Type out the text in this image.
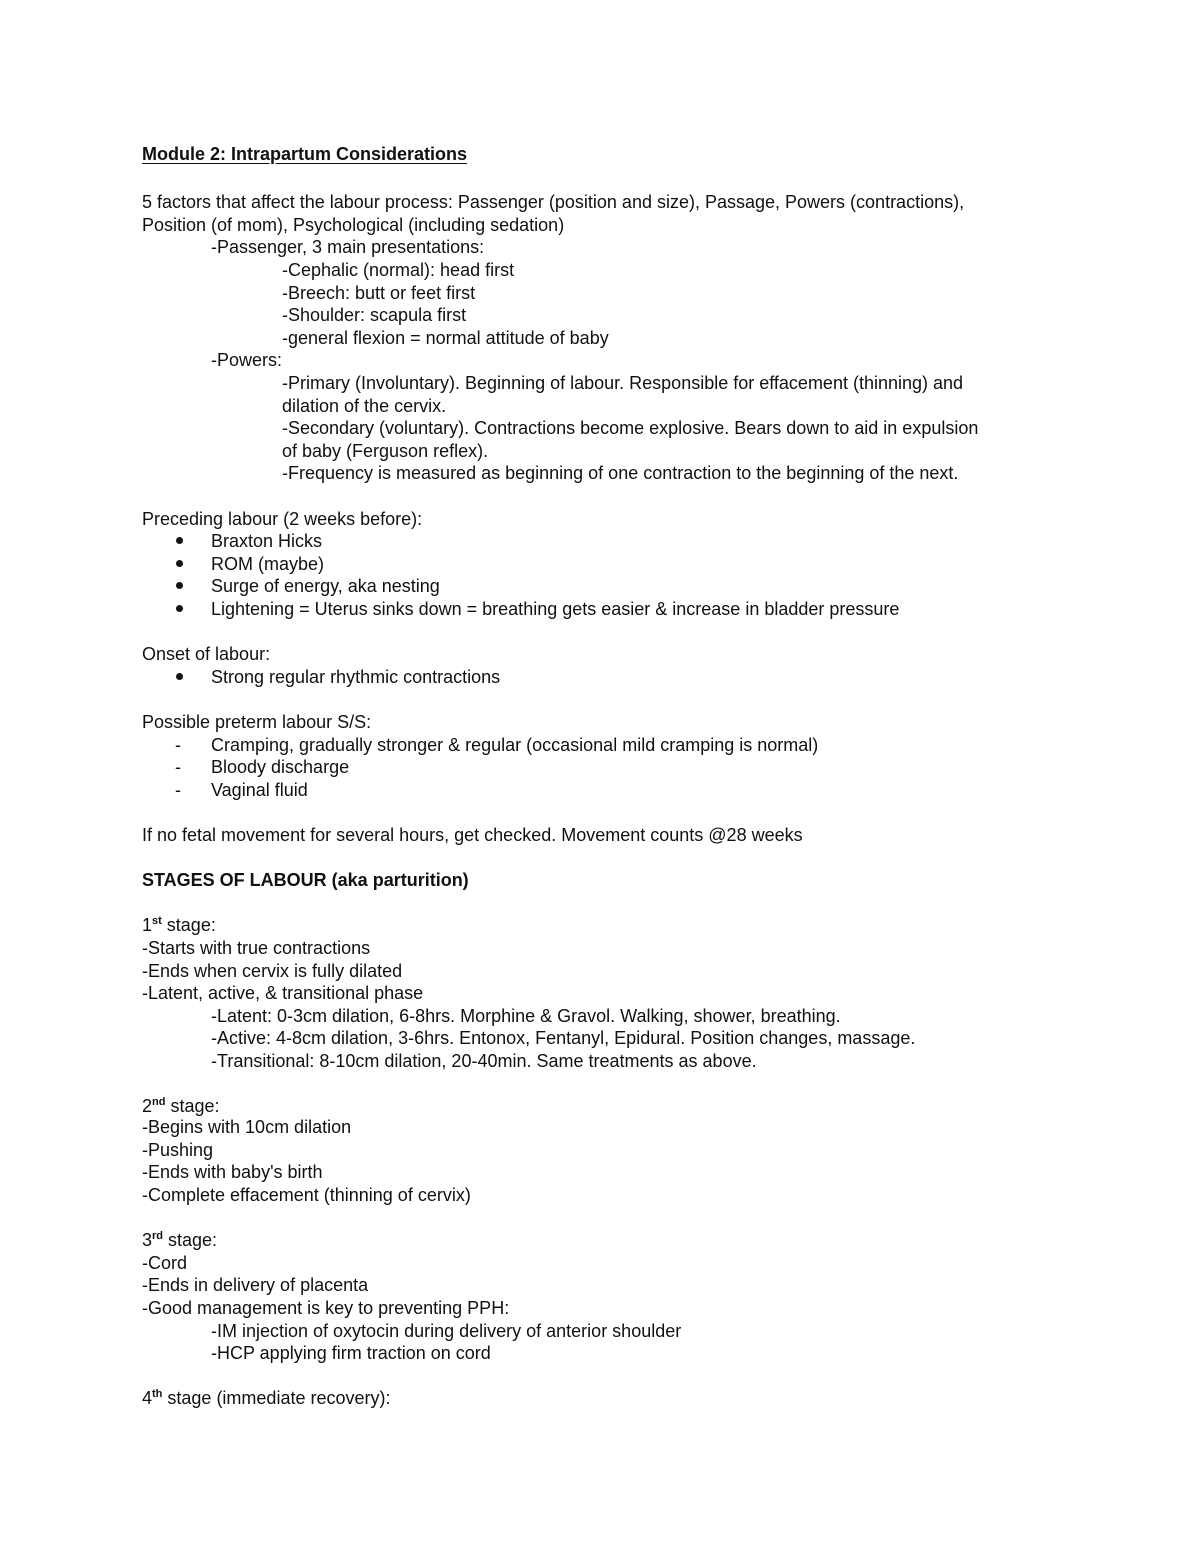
Module 2: Intrapartum Considerations
5 factors that affect the labour process: Passenger (position and size), Passage, Powers (contractions),
Position (of mom), Psychological (including sedation)
-Passenger, 3 main presentations:
-Cephalic (normal): head first
-Breech: butt or feet first
-Shoulder: scapula first
-general flexion = normal attitude of baby
-Powers:
-Primary (Involuntary). Beginning of labour. Responsible for effacement (thinning) and
dilation of the cervix.
-Secondary (voluntary). Contractions become explosive. Bears down to aid in expulsion
of baby (Ferguson reflex).
-Frequency is measured as beginning of one contraction to the beginning of the next.
Preceding labour (2 weeks before):
Braxton Hicks
ROM (maybe)
Surge of energy, aka nesting
Lightening = Uterus sinks down = breathing gets easier & increase in bladder pressure
Onset of labour:
Strong regular rhythmic contractions
Possible preterm labour S/S:
- Cramping, gradually stronger & regular (occasional mild cramping is normal)
- Bloody discharge
- Vaginal fluid
If no fetal movement for several hours, get checked. Movement counts @28 weeks
STAGES OF LABOUR (aka parturition)
1st stage:
-Starts with true contractions
-Ends when cervix is fully dilated
-Latent, active, & transitional phase
-Latent: 0-3cm dilation, 6-8hrs. Morphine & Gravol. Walking, shower, breathing.
-Active: 4-8cm dilation, 3-6hrs. Entonox, Fentanyl, Epidural. Position changes, massage.
-Transitional: 8-10cm dilation, 20-40min. Same treatments as above.
2nd stage:
-Begins with 10cm dilation
-Pushing
-Ends with baby's birth
-Complete effacement (thinning of cervix)
3rd stage:
-Cord
-Ends in delivery of placenta
-Good management is key to preventing PPH:
-IM injection of oxytocin during delivery of anterior shoulder
-HCP applying firm traction on cord
4th stage (immediate recovery):
